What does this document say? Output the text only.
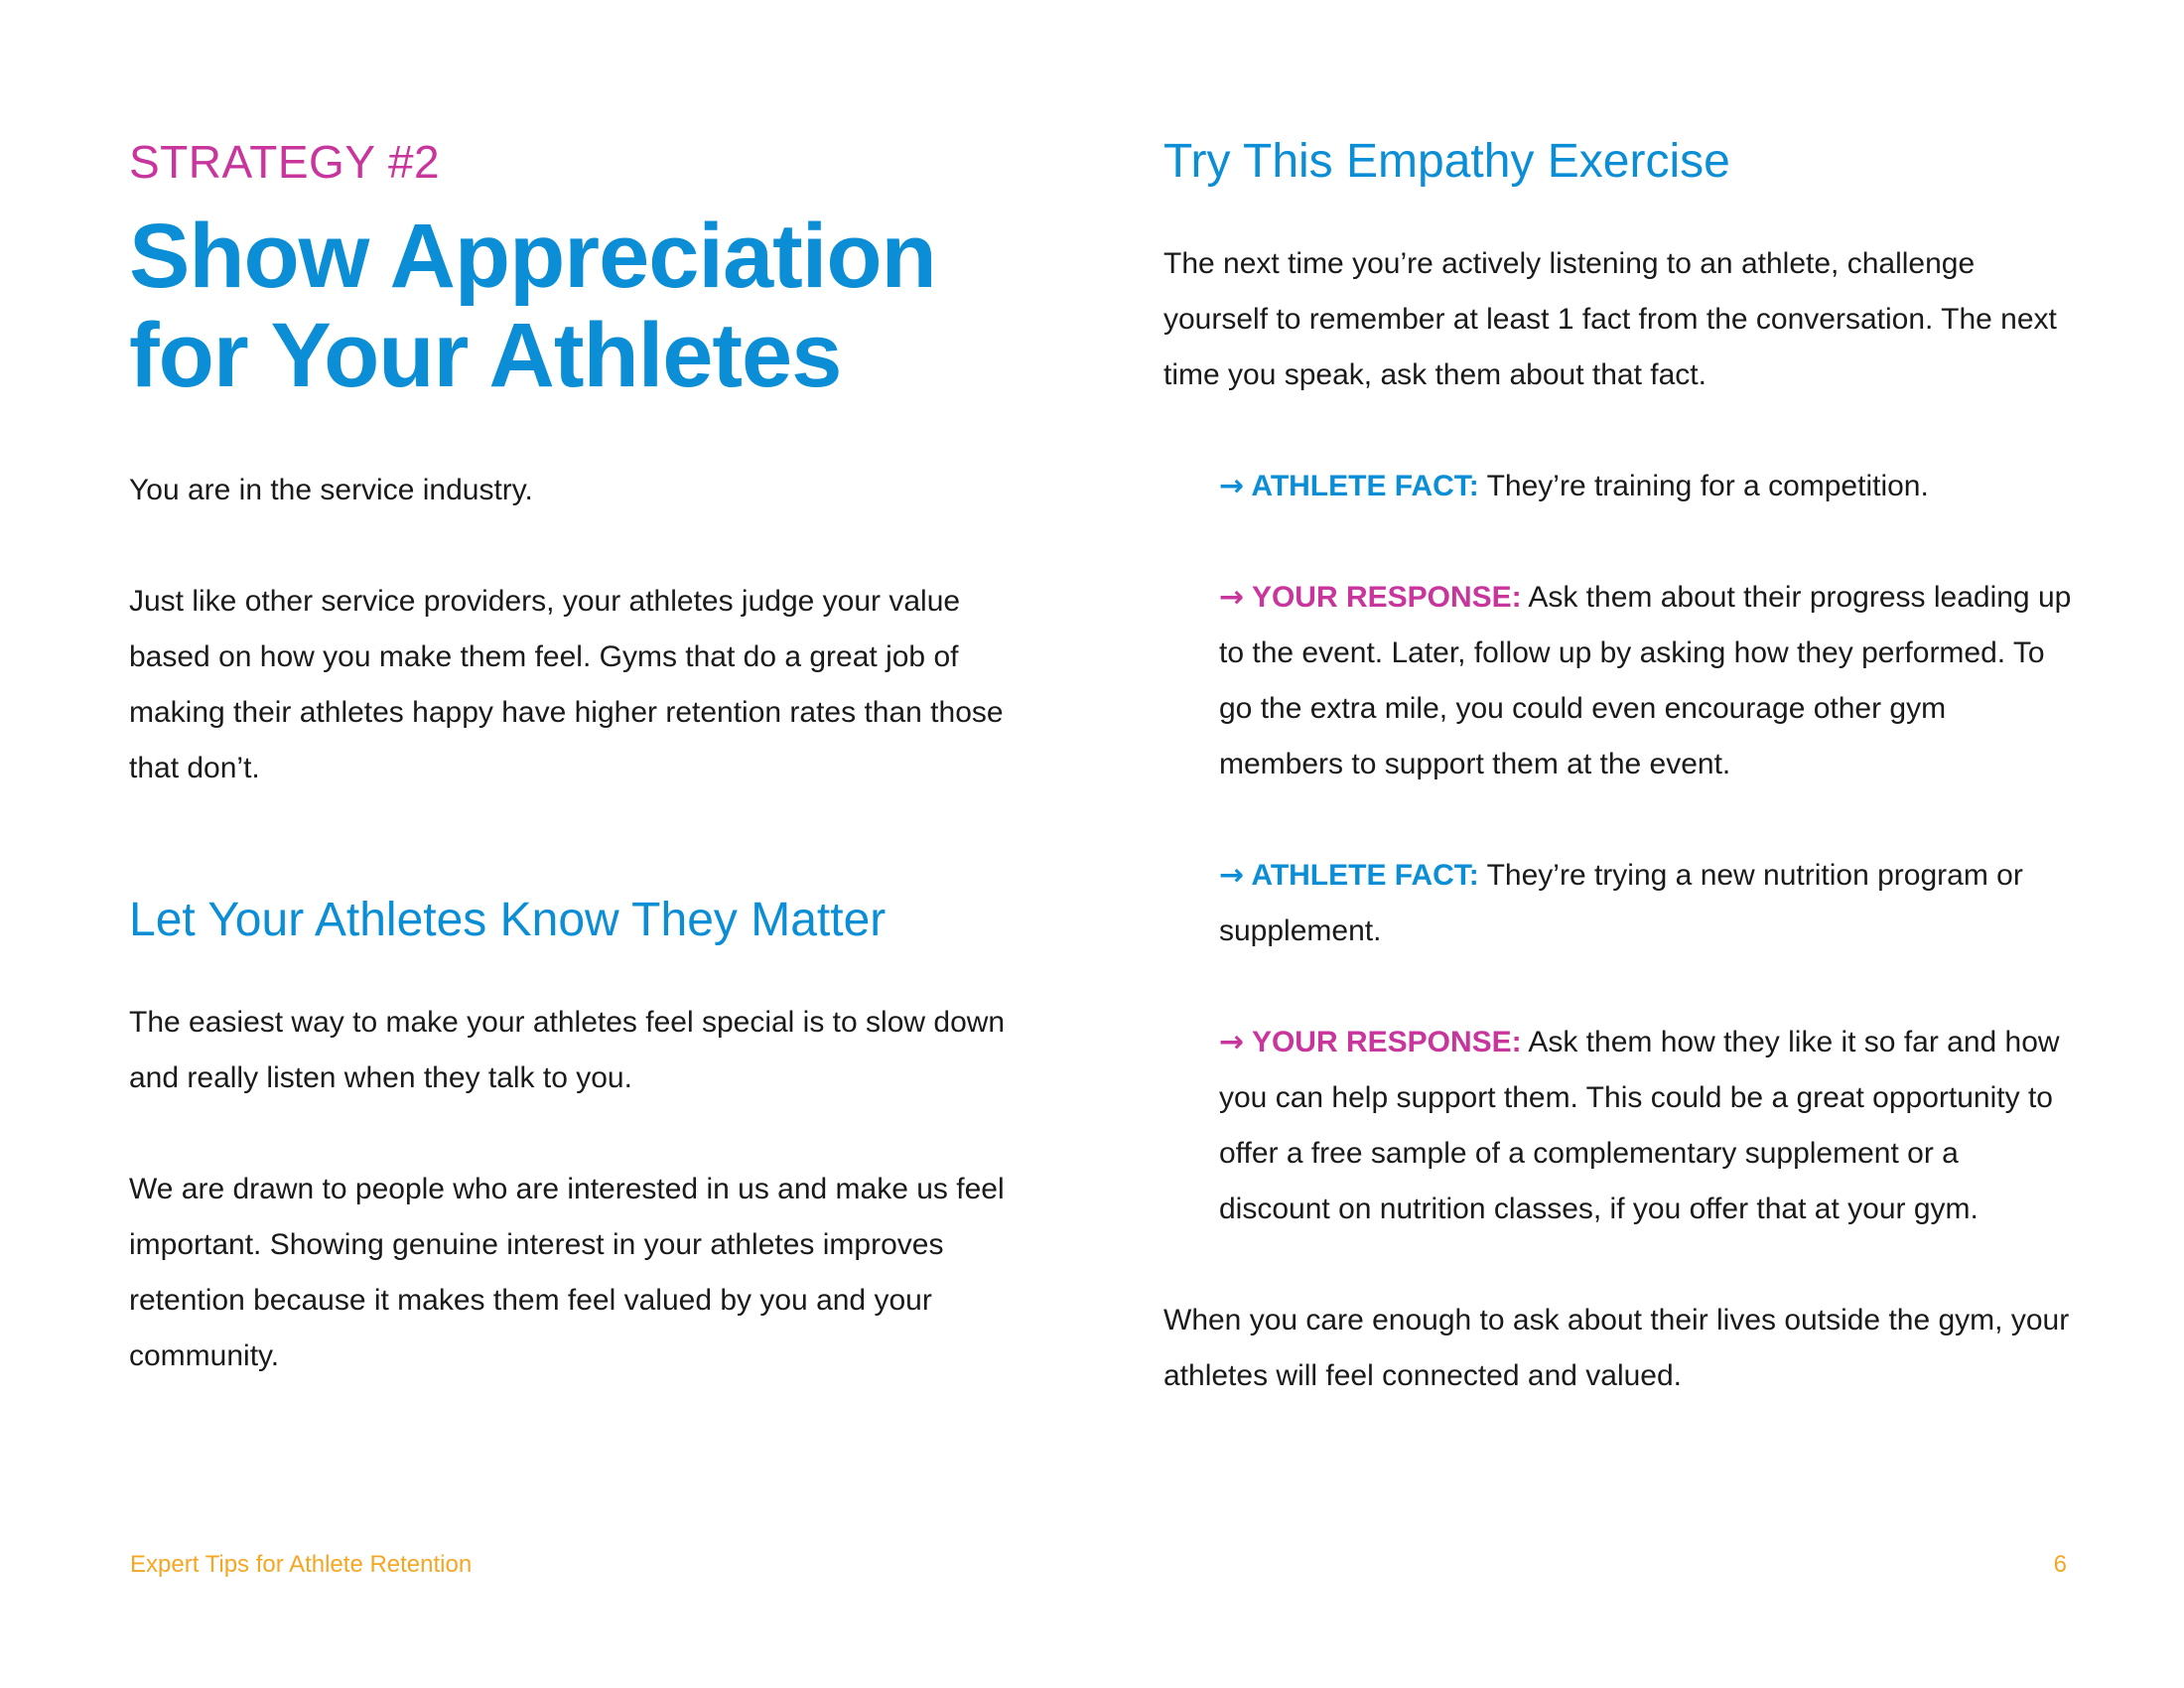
STRATEGY #2

Show Appreciation
for Your Athletes

You are in the service industry.

Just like other service providers, your athletes judge your value based on how you make them feel. Gyms that do a great job of making their athletes happy have higher retention rates than those that don’t.

Let Your Athletes Know They Matter

The easiest way to make your athletes feel special is to slow down and really listen when they talk to you.

We are drawn to people who are interested in us and make us feel important. Showing genuine interest in your athletes improves retention because it makes them feel valued by you and your community.

Try This Empathy Exercise

The next time you’re actively listening to an athlete, challenge yourself to remember at least 1 fact from the conversation. The next time you speak, ask them about that fact.

→ ATHLETE FACT: They’re training for a competition.
→ YOUR RESPONSE: Ask them about their progress leading up to the event. Later, follow up by asking how they performed. To go the extra mile, you could even encourage other gym members to support them at the event.
→ ATHLETE FACT: They’re trying a new nutrition program or supplement.
→ YOUR RESPONSE: Ask them how they like it so far and how you can help support them. This could be a great opportunity to offer a free sample of a complementary supplement or a discount on nutrition classes, if you offer that at your gym.

When you care enough to ask about their lives outside the gym, your athletes will feel connected and valued.

Expert Tips for Athlete Retention	6
